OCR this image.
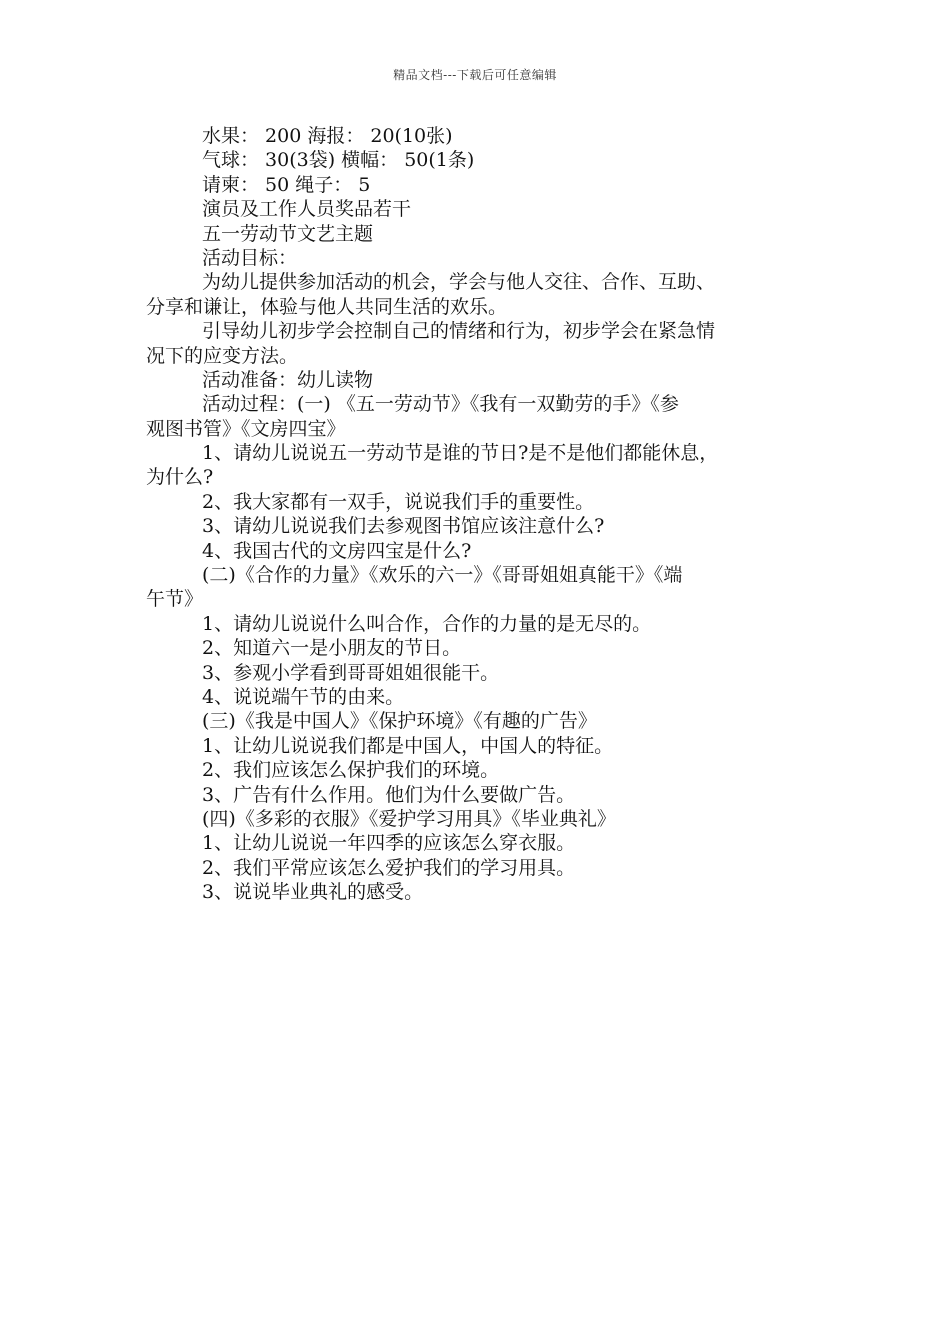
精品文档---下载后可任意编辑
水果： 200 海报： 20(10张)
气球： 30(3袋) 横幅： 50(1条)
请柬： 50 绳子： 5
演员及工作人员奖品若干
五一劳动节文艺主题
活动目标：
为幼儿提供参加活动的机会，学会与他人交往、合作、互助、
分享和谦让，体验与他人共同生活的欢乐。
引导幼儿初步学会控制自己的情绪和行为，初步学会在紧急情
况下的应变方法。
活动准备：幼儿读物
活动过程：(一) 《五一劳动节》《我有一双勤劳的手》《参
观图书管》《文房四宝》
1、请幼儿说说五一劳动节是谁的节日?是不是他们都能休息，
为什么?
2、我大家都有一双手，说说我们手的重要性。
3、请幼儿说说我们去参观图书馆应该注意什么?
4、我国古代的文房四宝是什么?
(二)《合作的力量》《欢乐的六一》《哥哥姐姐真能干》《端
午节》
1、请幼儿说说什么叫合作，合作的力量的是无尽的。
2、知道六一是小朋友的节日。
3、参观小学看到哥哥姐姐很能干。
4、说说端午节的由来。
(三)《我是中国人》《保护环境》《有趣的广告》
1、让幼儿说说我们都是中国人，中国人的特征。
2、我们应该怎么保护我们的环境。
3、广告有什么作用。他们为什么要做广告。
(四)《多彩的衣服》《爱护学习用具》《毕业典礼》
1、让幼儿说说一年四季的应该怎么穿衣服。
2、我们平常应该怎么爱护我们的学习用具。
3、说说毕业典礼的感受。
